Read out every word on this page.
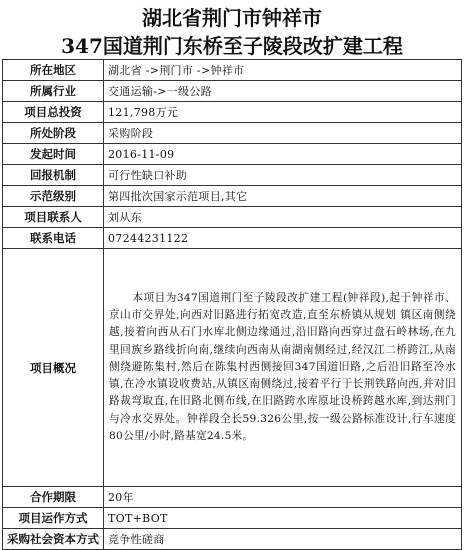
湖北省荆门市钟祥市
347国道荆门东桥至子陵段改扩建工程
所在地区	湖北省 ->荆门市 ->钟祥市
所属行业	交通运输->一级公路
项目总投资	121,798万元
所处阶段	采购阶段
发起时间	2016-11-09
回报机制	可行性缺口补助
示范级别	第四批次国家示范项目,其它
项目联系人	刘从东
联系电话	07244231122
项目概况	本项目为347国道荆门至子陵段改扩建工程(钟祥段),起于钟祥市、京山市交界处,向西对旧路进行拓宽改造,直至东桥镇从规划 镇区南侧绕越,接着向西从石门水库北侧边缘通过,沿旧路向西穿过盘石岭林场,在九里回族乡路线折向南,继续向西南从南湖南侧经过,经汉江二桥跨江,从南侧绕避陈集村,然后在陈集村西侧接回347国道旧路,之后沿旧路至冷水镇,在冷水镇设收费站,从镇区南侧绕过,接着平行于长荆铁路向西,并对旧路裁弯取直,在旧路北侧布线,在旧路跨水库原址设桥跨越水库,到达荆门与冷水交界处。钟祥段全长59.326公里,按一级公路标准设计,行车速度80公里/小时,路基宽24.5米。
合作期限	20年
项目运作方式	TOT+BOT
采购社会资本方式	竞争性磋商
